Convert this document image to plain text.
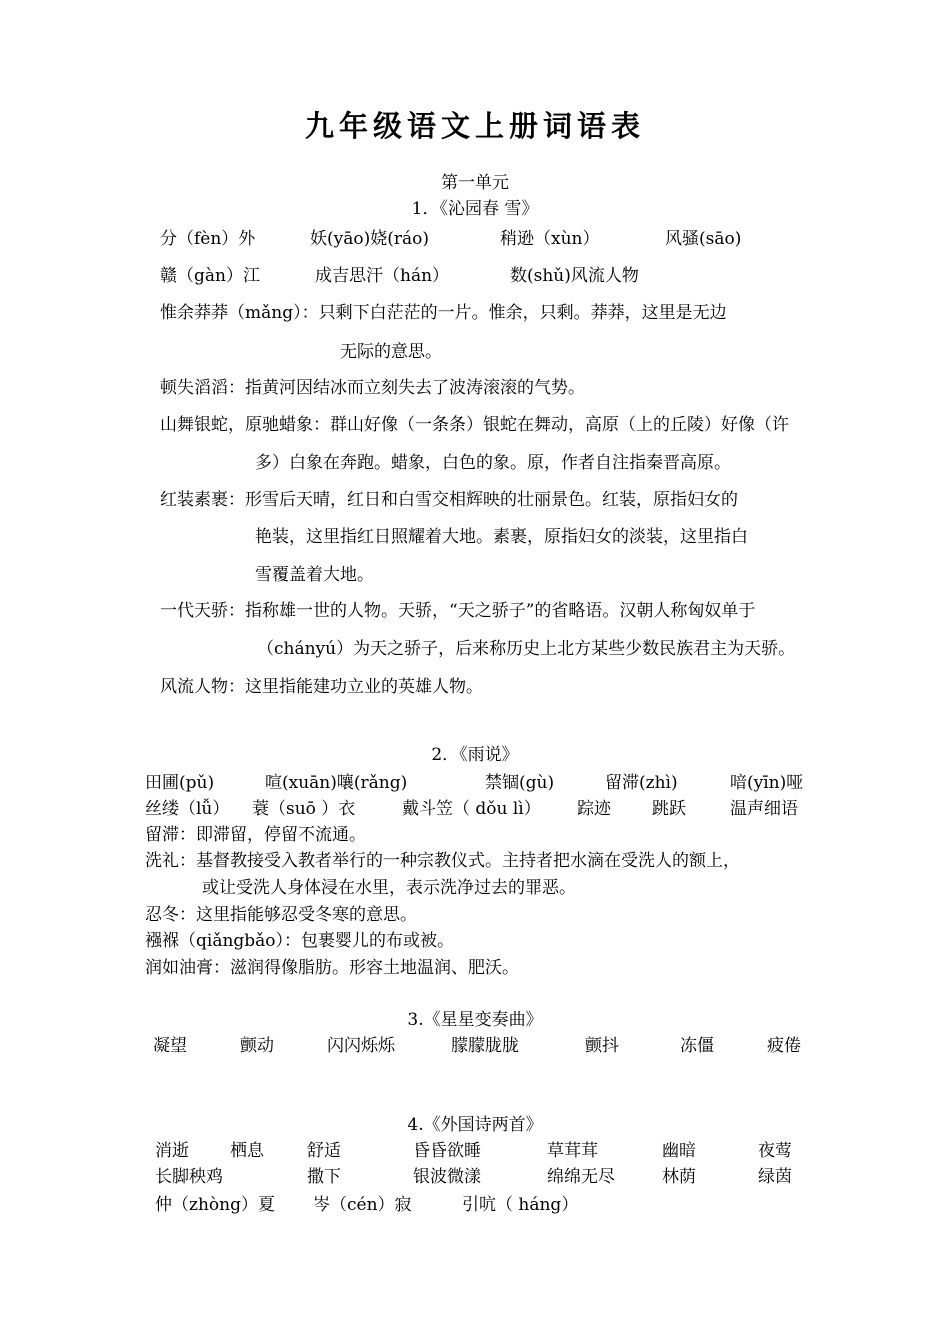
九年级语文上册词语表
第一单元
1．《沁园春 雪》
分（fèn）外	妖(yāo)娆(ráo)	稍逊（xùn）	风骚(sāo)
赣（gàn）江	成吉思汗（hán）	数(shǔ)风流人物
惟余莽莽（mǎng）：只剩下白茫茫的一片。惟余，只剩。莽莽，这里是无边
无际的意思。
顿失滔滔：指黄河因结冰而立刻失去了波涛滚滚的气势。
山舞银蛇，原驰蜡象：群山好像（一条条）银蛇在舞动，高原（上的丘陵）好像（许
多）白象在奔跑。蜡象，白色的象。原，作者自注指秦晋高原。
红装素裹：形雪后天晴，红日和白雪交相辉映的壮丽景色。红装，原指妇女的
艳装，这里指红日照耀着大地。素裹，原指妇女的淡装，这里指白
雪覆盖着大地。
一代天骄：指称雄一世的人物。天骄，“天之骄子”的省略语。汉朝人称匈奴单于
（chányú）为天之骄子，后来称历史上北方某些少数民族君主为天骄。
风流人物：这里指能建功立业的英雄人物。
2．《雨说》
田圃(pǔ)	喧(xuān)嚷(rǎng)	禁锢(gù)	留滞(zhì)	喑(yīn)哑
丝缕（lǚ） 蓑（suō ）衣	戴斗笠（ dǒu lì） 踪迹 跳跃	温声细语
留滞：即滞留，停留不流通。
洗礼：基督教接受入教者举行的一种宗教仪式。主持者把水滴在受洗人的额上，
或让受洗人身体浸在水里，表示洗净过去的罪恶。
忍冬：这里指能够忍受冬寒的意思。
襁褓（qiǎngbǎo）：包裹婴儿的布或被。
润如油膏：滋润得像脂肪。形容土地温润、肥沃。
3.《星星变奏曲》
凝望	颤动	闪闪烁烁	朦朦胧胧	颤抖	冻僵	疲倦
4.《外国诗两首》
消逝 栖息	舒适	昏昏欲睡	草茸茸	幽暗	夜莺
长脚秧鸡	撒下	银波微漾	绵绵无尽	林荫	绿茵
仲（zhòng）夏 岑（cén）寂	引吭（ háng）
